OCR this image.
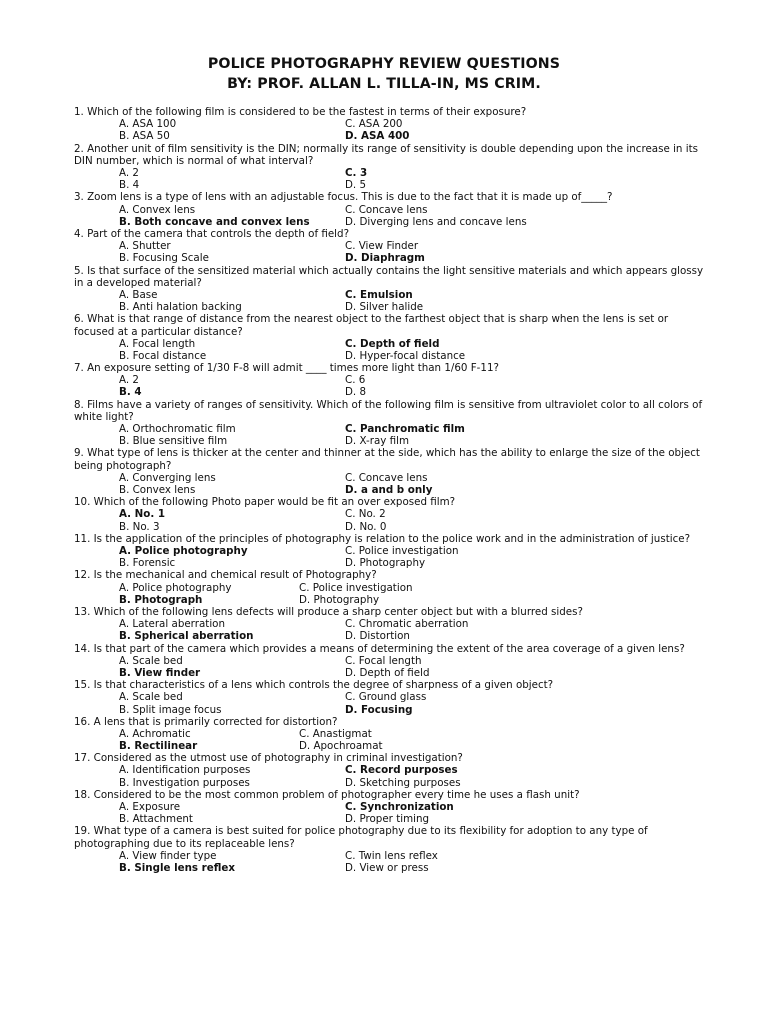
POLICE PHOTOGRAPHY REVIEW QUESTIONS
BY: PROF. ALLAN L. TILLA-IN, MS CRIM.
1. Which of the following film is considered to be the fastest in terms of their exposure?
A. ASA 100	C. ASA 200
B. ASA 50	D. ASA 400
2. Another unit of film sensitivity is the DIN; normally its range of sensitivity is double depending upon the increase in its DIN number, which is normal of what interval?
A. 2	C. 3
B. 4	D. 5
3. Zoom lens is a type of lens with an adjustable focus. This is due to the fact that it is made up of_____?
A. Convex lens	C. Concave lens
B. Both concave and convex lens	D. Diverging lens and concave lens
4. Part of the camera that controls the depth of field?
A. Shutter	C. View Finder
B. Focusing Scale	D. Diaphragm
5. Is that surface of the sensitized material which actually contains the light sensitive materials and which appears glossy in a developed material?
A. Base	C. Emulsion
B. Anti halation backing	D. Silver halide
6. What is that range of distance from the nearest object to the farthest object that is sharp when the lens is set or focused at a particular distance?
A. Focal length	C. Depth of field
B. Focal distance	D. Hyper-focal distance
7. An exposure setting of 1/30 F-8 will admit ____ times more light than 1/60 F-11?
A. 2	C. 6
B. 4	D. 8
8. Films have a variety of ranges of sensitivity. Which of the following film is sensitive from ultraviolet color to all colors of white light?
A. Orthochromatic film	C. Panchromatic film
B. Blue sensitive film	D. X-ray film
9. What type of lens is thicker at the center and thinner at the side, which has the ability to enlarge the size of the object being photograph?
A. Converging lens	C. Concave lens
B. Convex lens	D. a and b only
10. Which of the following Photo paper would be fit an over exposed film?
A. No. 1	C. No. 2
B. No. 3	D. No. 0
11. Is the application of the principles of photography is relation to the police work and in the administration of justice?
A. Police photography	C. Police investigation
B. Forensic	D. Photography
12. Is the mechanical and chemical result of Photography?
A. Police photography	C. Police investigation
B. Photograph	D. Photography
13. Which of the following lens defects will produce a sharp center object but with a blurred sides?
A. Lateral aberration	C. Chromatic aberration
B. Spherical aberration	D. Distortion
14. Is that part of the camera which provides a means of determining the extent of the area coverage of a given lens?
A. Scale bed	C. Focal length
B. View finder	D. Depth of field
15. Is that characteristics of a lens which controls the degree of sharpness of a given object?
A. Scale bed	C. Ground glass
B. Split image focus	D. Focusing
16. A lens that is primarily corrected for distortion?
A. Achromatic	C. Anastigmat
B. Rectilinear	D. Apochroamat
17. Considered as the utmost use of photography in criminal investigation?
A. Identification purposes	C. Record purposes
B. Investigation purposes	D. Sketching purposes
18. Considered to be the most common problem of photographer every time he uses a flash unit?
A. Exposure	C. Synchronization
B. Attachment	D. Proper timing
19. What type of a camera is best suited for police photography due to its flexibility for adoption to any type of photographing due to its replaceable lens?
A. View finder type	C. Twin lens reflex
B. Single lens reflex	D. View or press
